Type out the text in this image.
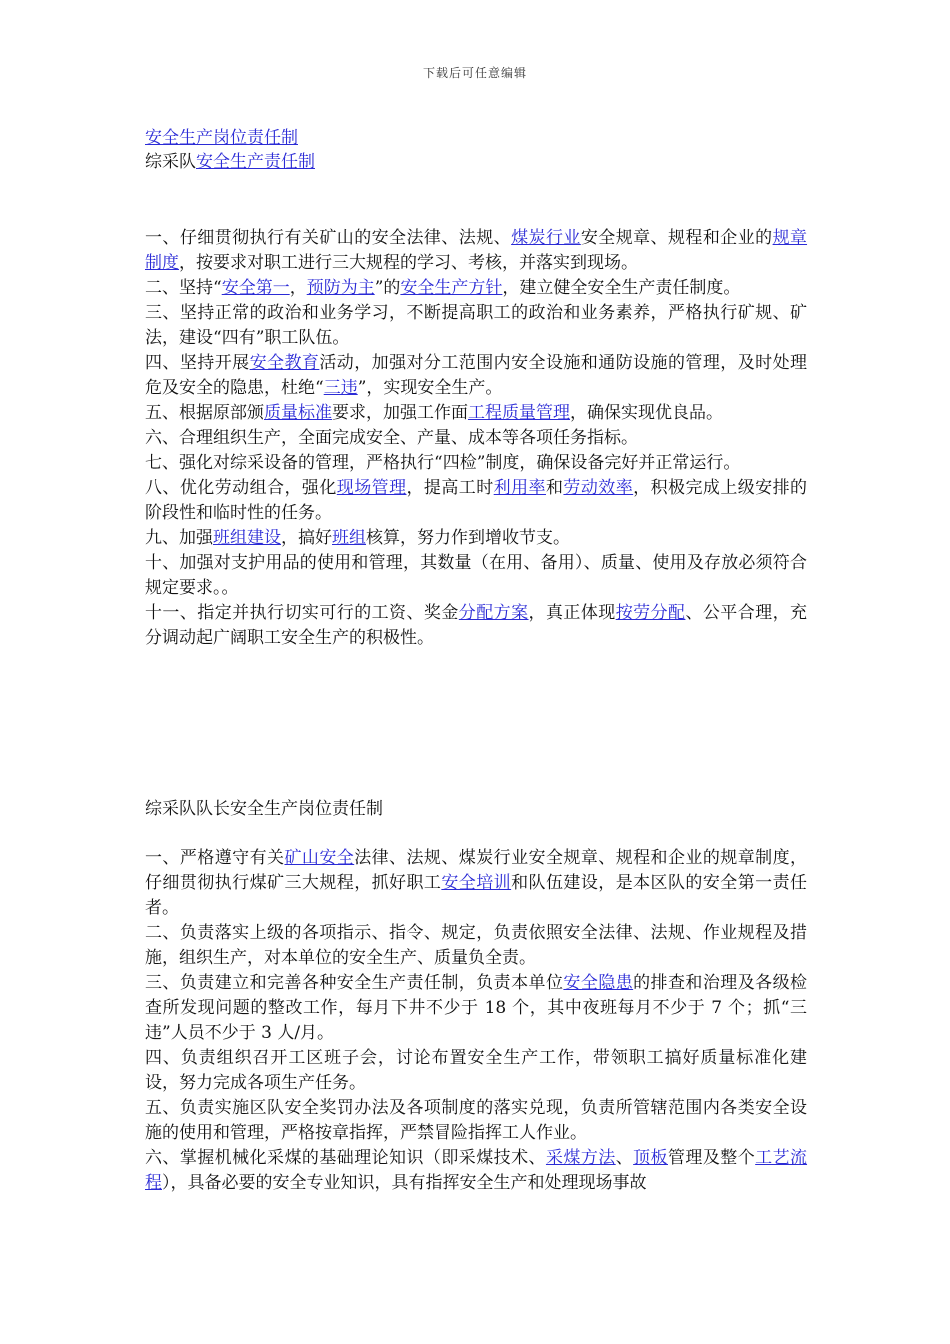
下载后可任意编辑
安全生产岗位责任制
综采队安全生产责任制

一、仔细贯彻执行有关矿山的安全法律、法规、煤炭行业安全规章、规程和企业的规章制度，按要求对职工进行三大规程的学习、考核，并落实到现场。

二、坚持“安全第一，预防为主”的安全生产方针，建立健全安全生产责任制度。

三、坚持正常的政治和业务学习，不断提高职工的政治和业务素养，严格执行矿规、矿法，建设“四有”职工队伍。

四、坚持开展安全教育活动，加强对分工范围内安全设施和通防设施的管理，及时处理危及安全的隐患，杜绝“三违”，实现安全生产。

五、根据原部颁质量标准要求，加强工作面工程质量管理，确保实现优良品。

六、合理组织生产，全面完成安全、产量、成本等各项任务指标。

七、强化对综采设备的管理，严格执行“四检”制度，确保设备完好并正常运行。

八、优化劳动组合，强化现场管理，提高工时利用率和劳动效率，积极完成上级安排的阶段性和临时性的任务。

九、加强班组建设，搞好班组核算，努力作到增收节支。

十、加强对支护用品的使用和管理，其数量（在用、备用）、质量、使用及存放必须符合规定要求。。

十一、指定并执行切实可行的工资、奖金分配方案，真正体现按劳分配、公平合理，充分调动起广阔职工安全生产的积极性。

综采队队长安全生产岗位责任制

一、严格遵守有关矿山安全法律、法规、煤炭行业安全规章、规程和企业的规章制度，仔细贯彻执行煤矿三大规程，抓好职工安全培训和队伍建设，是本区队的安全第一责任者。

二、负责落实上级的各项指示、指令、规定，负责依照安全法律、法规、作业规程及措施，组织生产，对本单位的安全生产、质量负全责。

三、负责建立和完善各种安全生产责任制，负责本单位安全隐患的排查和治理及各级检查所发现问题的整改工作，每月下井不少于 18 个，其中夜班每月不少于 7 个；抓“三违”人员不少于 3 人/月。

四、负责组织召开工区班子会，讨论布置安全生产工作，带领职工搞好质量标准化建设，努力完成各项生产任务。

五、负责实施区队安全奖罚办法及各项制度的落实兑现，负责所管辖范围内各类安全设施的使用和管理，严格按章指挥，严禁冒险指挥工人作业。

六、掌握机械化采煤的基础理论知识（即采煤技术、采煤方法、顶板管理及整个工艺流程），具备必要的安全专业知识，具有指挥安全生产和处理现场事故
